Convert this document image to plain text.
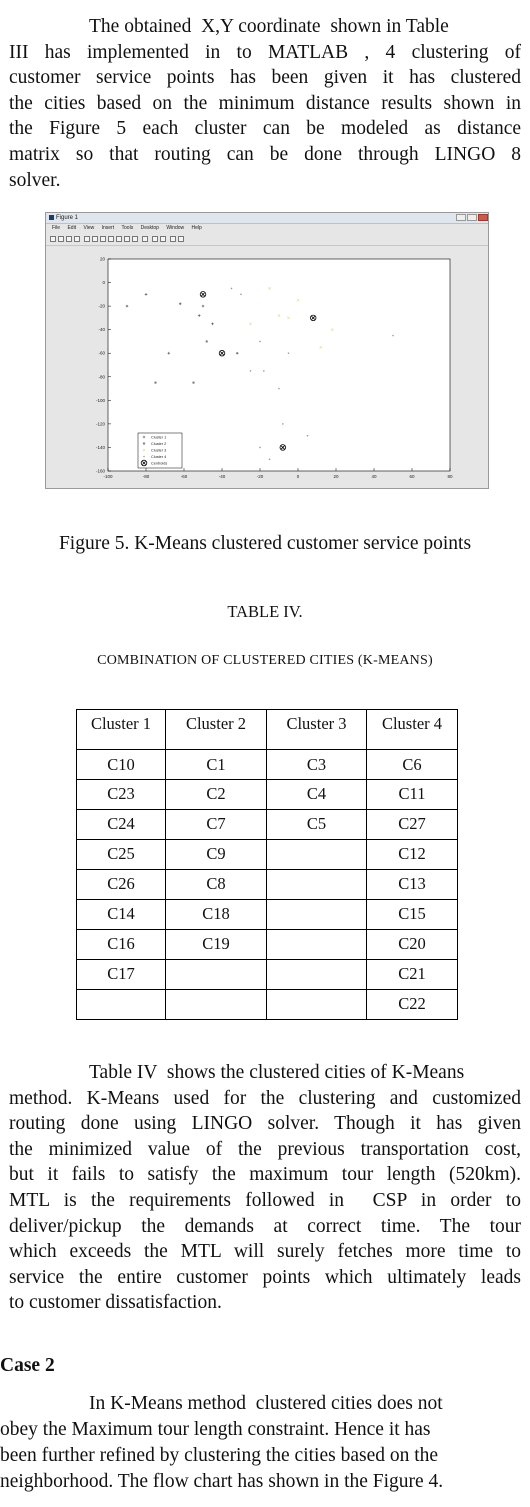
The obtained  X,Y coordinate  shown in Table
III has implemented in to MATLAB , 4 clustering of
customer service points has been given it has clustered
the cities based on the minimum distance results shown in
the Figure 5 each cluster can be modeled as distance
matrix so that routing can be done through LINGO 8
solver.
Figure 1
File Edit View Insert Tools Desktop Window Help
-100	-80	-60	-40	-20	0	20	40	60	80
20
0
-20
-40
-60
-80
-100
-120
-140
-160
Cluster 1
Cluster 2
Cluster 3
Cluster 4
Centroids
Figure 5. K-Means clustered customer service points
TABLE IV.
COMBINATION OF CLUSTERED CITIES (K-MEANS)
Cluster 1	Cluster 2	Cluster 3	Cluster 4
C10	C1	C3	C6
C23	C2	C4	C11
C24	C7	C5	C27
C25	C9		C12
C26	C8		C13
C14	C18		C15
C16	C19		C20
C17			C21
			C22
Table IV  shows the clustered cities of K-Means
method. K-Means used for the clustering and customized
routing done using LINGO solver. Though it has given
the minimized value of the previous transportation cost,
but it fails to satisfy the maximum tour length (520km).
MTL is the requirements followed in  CSP in order to
deliver/pickup the demands at correct time. The tour
which exceeds the MTL will surely fetches more time to
service the entire customer points which ultimately leads
to customer dissatisfaction.
Case 2
In K-Means method  clustered cities does not
obey the Maximum tour length constraint. Hence it has
been further refined by clustering the cities based on the
neighborhood. The flow chart has shown in the Figure 4.
